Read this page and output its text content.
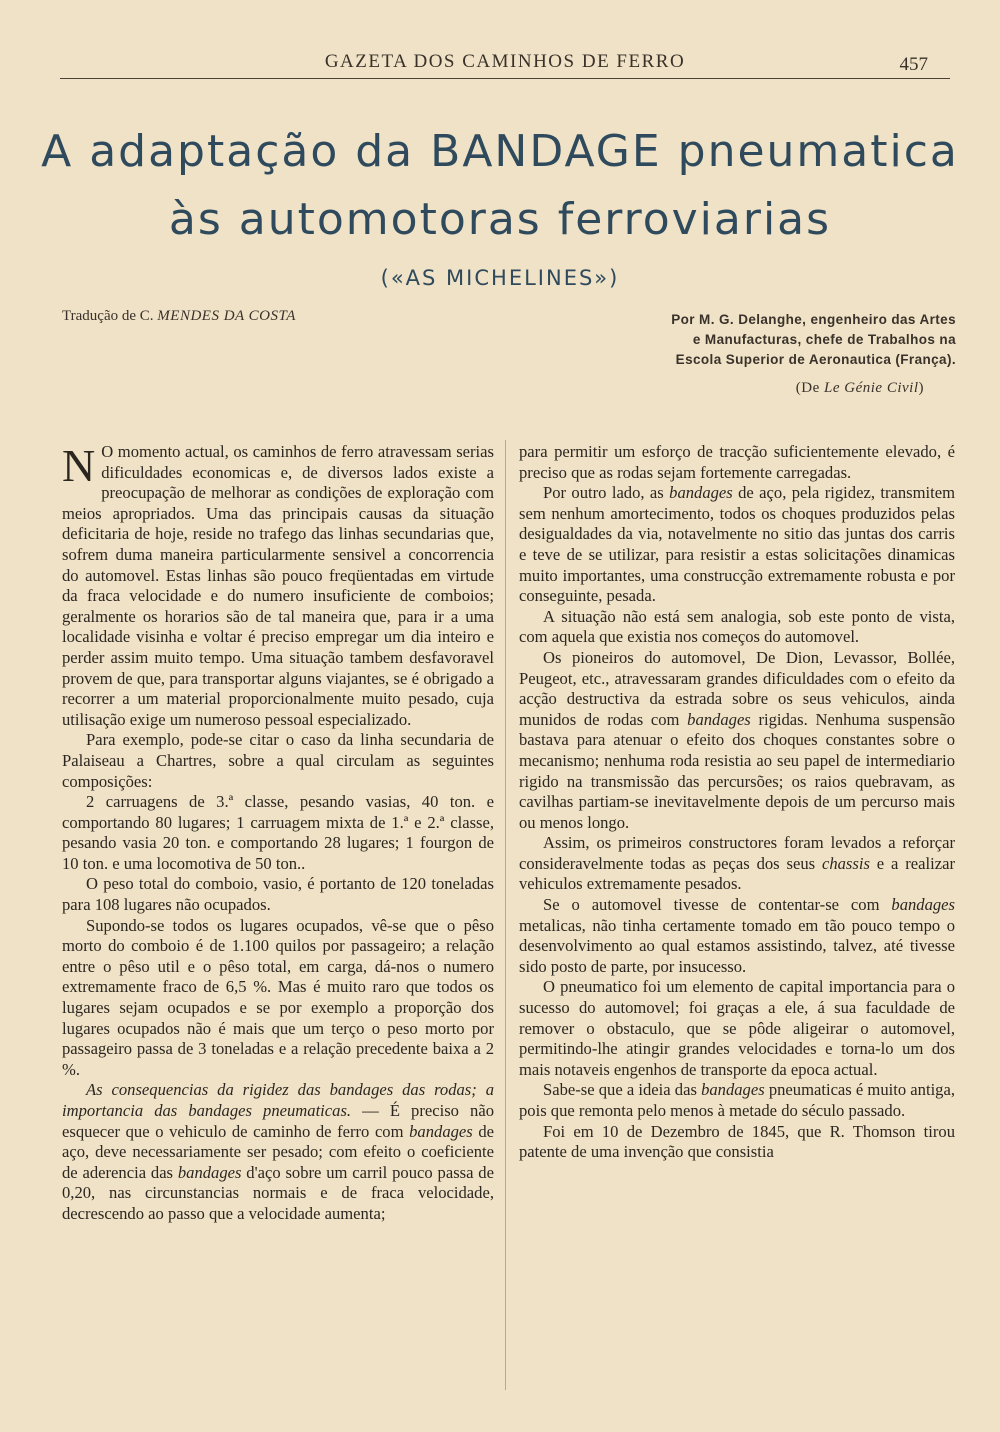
GAZETA DOS CAMINHOS DE FERRO	457
A adaptação da BANDAGE pneumatica
às automotoras ferroviarias
(«AS MICHELINES»)
Tradução de C. MENDES DA COSTA	Por M. G. Delanghe, engenheiro das Artes
e Manufacturas, chefe de Trabalhos na
Escola Superior de Aeronautica (França).
(De Le Génie Civil)

N O momento actual, os caminhos de ferro atravessam serias dificuldades economicas e, de diversos lados existe a preocupação de melhorar as condições de exploração com meios apropriados. Uma das principais causas da situação deficitaria de hoje, reside no trafego das linhas secundarias que, sofrem duma maneira particularmente sensivel a concorrencia do automovel. Estas linhas são pouco freqüentadas em virtude da fraca velocidade e do numero insuficiente de comboios; geralmente os horarios são de tal maneira que, para ir a uma localidade visinha e voltar é preciso empregar um dia inteiro e perder assim muito tempo. Uma situação tambem desfavoravel provem de que, para transportar alguns viajantes, se é obrigado a recorrer a um material proporcionalmente muito pesado, cuja utilisação exige um numeroso pessoal especializado.

Para exemplo, pode-se citar o caso da linha secundaria de Palaiseau a Chartres, sobre a qual circulam as seguintes composições:

2 carruagens de 3.ª classe, pesando vasias, 40 ton. e comportando 80 lugares; 1 carruagem mixta de 1.ª e 2.ª classe, pesando vasia 20 ton. e comportando 28 lugares; 1 fourgon de 10 ton. e uma locomotiva de 50 ton..

O peso total do comboio, vasio, é portanto de 120 toneladas para 108 lugares não ocupados.

Supondo-se todos os lugares ocupados, vê-se que o pêso morto do comboio é de 1.100 quilos por passageiro; a relação entre o pêso util e o pêso total, em carga, dá-nos o numero extremamente fraco de 6,5 %. Mas é muito raro que todos os lugares sejam ocupados e se por exemplo a proporção dos lugares ocupados não é mais que um terço o peso morto por passageiro passa de 3 toneladas e a relação precedente baixa a 2 %.

As consequencias da rigidez das bandages das rodas; a importancia das bandages pneumaticas. — É preciso não esquecer que o vehiculo de caminho de ferro com bandages de aço, deve necessariamente ser pesado; com efeito o coeficiente de aderencia das bandages d'aço sobre um carril pouco passa de 0,20, nas circunstancias normais e de fraca velocidade, decrescendo ao passo que a velocidade aumenta;

para permitir um esforço de tracção suficientemente elevado, é preciso que as rodas sejam fortemente carregadas.

Por outro lado, as bandages de aço, pela rigidez, transmitem sem nenhum amortecimento, todos os choques produzidos pelas desigualdades da via, notavelmente no sitio das juntas dos carris e teve de se utilizar, para resistir a estas solicitações dinamicas muito importantes, uma construcção extremamente robusta e por conseguinte, pesada.

A situação não está sem analogia, sob este ponto de vista, com aquela que existia nos começos do automovel.

Os pioneiros do automovel, De Dion, Levassor, Bollée, Peugeot, etc., atravessaram grandes dificuldades com o efeito da acção destructiva da estrada sobre os seus vehiculos, ainda munidos de rodas com bandages rigidas. Nenhuma suspensão bastava para atenuar o efeito dos choques constantes sobre o mecanismo; nenhuma roda resistia ao seu papel de intermediario rigido na transmissão das percursões; os raios quebravam, as cavilhas partiam-se inevitavelmente depois de um percurso mais ou menos longo.

Assim, os primeiros constructores foram levados a reforçar consideravelmente todas as peças dos seus chassis e a realizar vehiculos extremamente pesados.

Se o automovel tivesse de contentar-se com bandages metalicas, não tinha certamente tomado em tão pouco tempo o desenvolvimento ao qual estamos assistindo, talvez, até tivesse sido posto de parte, por insucesso.

O pneumatico foi um elemento de capital importancia para o sucesso do automovel; foi graças a ele, á sua faculdade de remover o obstaculo, que se pôde aligeirar o automovel, permitindo-lhe atingir grandes velocidades e torna-lo um dos mais notaveis engenhos de transporte da epoca actual.

Sabe-se que a ideia das bandages pneumaticas é muito antiga, pois que remonta pelo menos à metade do século passado.

Foi em 10 de Dezembro de 1845, que R. Thomson tirou patente de uma invenção que consistia
